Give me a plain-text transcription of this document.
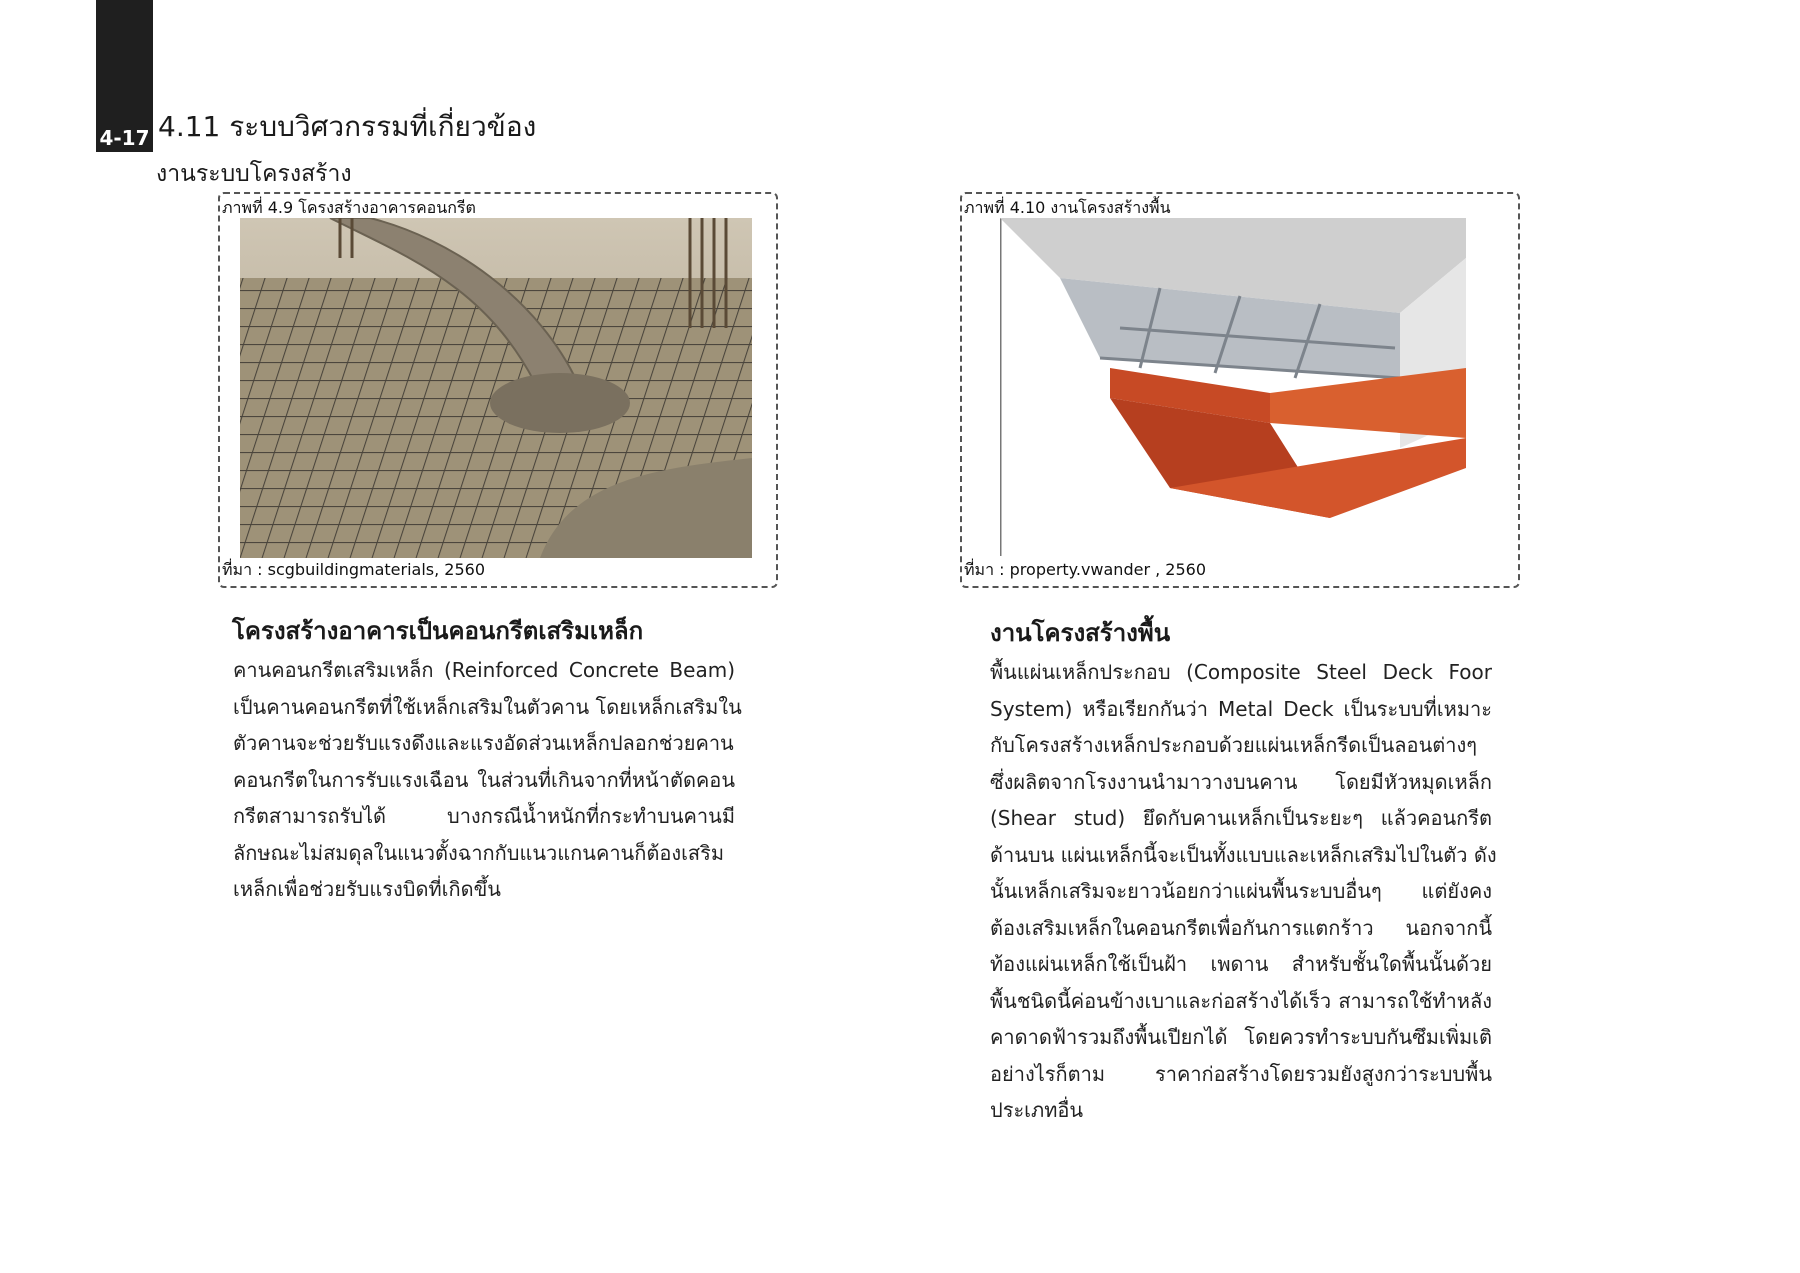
4-17 4.11 ระบบวิศวกรรมที่เกี่ยวข้อง
งานระบบโครงสร้าง
ภาพที่ 4.9 โครงสร้างอาคารคอนกรีต
ที่มา : scgbuildingmaterials, 2560
ภาพที่ 4.10 งานโครงสร้างพื้น
ที่มา : property.vwander , 2560
โครงสร้างอาคารเป็นคอนกรีตเสริมเหล็ก

คานคอนกรีตเสริมเหล็ก (Reinforced Concrete Beam)

เป็นคานคอนกรีตที่ใช้เหล็กเสริมในตัวคาน โดยเหล็กเสริมใน

ตัวคานจะช่วยรับแรงดึงและแรงอัดส่วนเหล็กปลอกช่วยคาน

คอนกรีตในการรับแรงเฉือน ในส่วนที่เกินจากที่หน้าตัดคอน

กรีตสามารถรับได้ บางกรณีน้ำหนักที่กระทำบนคานมี

ลักษณะไม่สมดุลในแนวตั้งฉากกับแนวแกนคานก็ต้องเสริม

เหล็กเพื่อช่วยรับแรงบิดที่เกิดขึ้น

งานโครงสร้างพื้น

พื้นแผ่นเหล็กประกอบ (Composite Steel Deck Foor

System) หรือเรียกกันว่า Metal Deck เป็นระบบที่เหมาะ

กับโครงสร้างเหล็กประกอบด้วยแผ่นเหล็กรีดเป็นลอนต่างๆ

ซึ่งผลิตจากโรงงานนำมาวางบนคาน โดยมีหัวหมุดเหล็ก

(Shear stud) ยึดกับคานเหล็กเป็นระยะๆ แล้วคอนกรีต

ด้านบน แผ่นเหล็กนี้จะเป็นทั้งแบบและเหล็กเสริมไปในตัว ดัง

นั้นเหล็กเสริมจะยาวน้อยกว่าแผ่นพื้นระบบอื่นๆ แต่ยังคง

ต้องเสริมเหล็กในคอนกรีตเพื่อกันการแตกร้าว นอกจากนี้

ท้องแผ่นเหล็กใช้เป็นฝ้า เพดาน สำหรับชั้นใดพื้นนั้นด้วย

พื้นชนิดนี้ค่อนข้างเบาและก่อสร้างได้เร็ว สามารถใช้ทำหลัง

คาดาดฟ้ารวมถึงพื้นเปียกได้ โดยควรทำระบบกันซึมเพิ่มเติ

อย่างไรก็ตาม ราคาก่อสร้างโดยรวมยังสูงกว่าระบบพื้น

ประเภทอื่น
